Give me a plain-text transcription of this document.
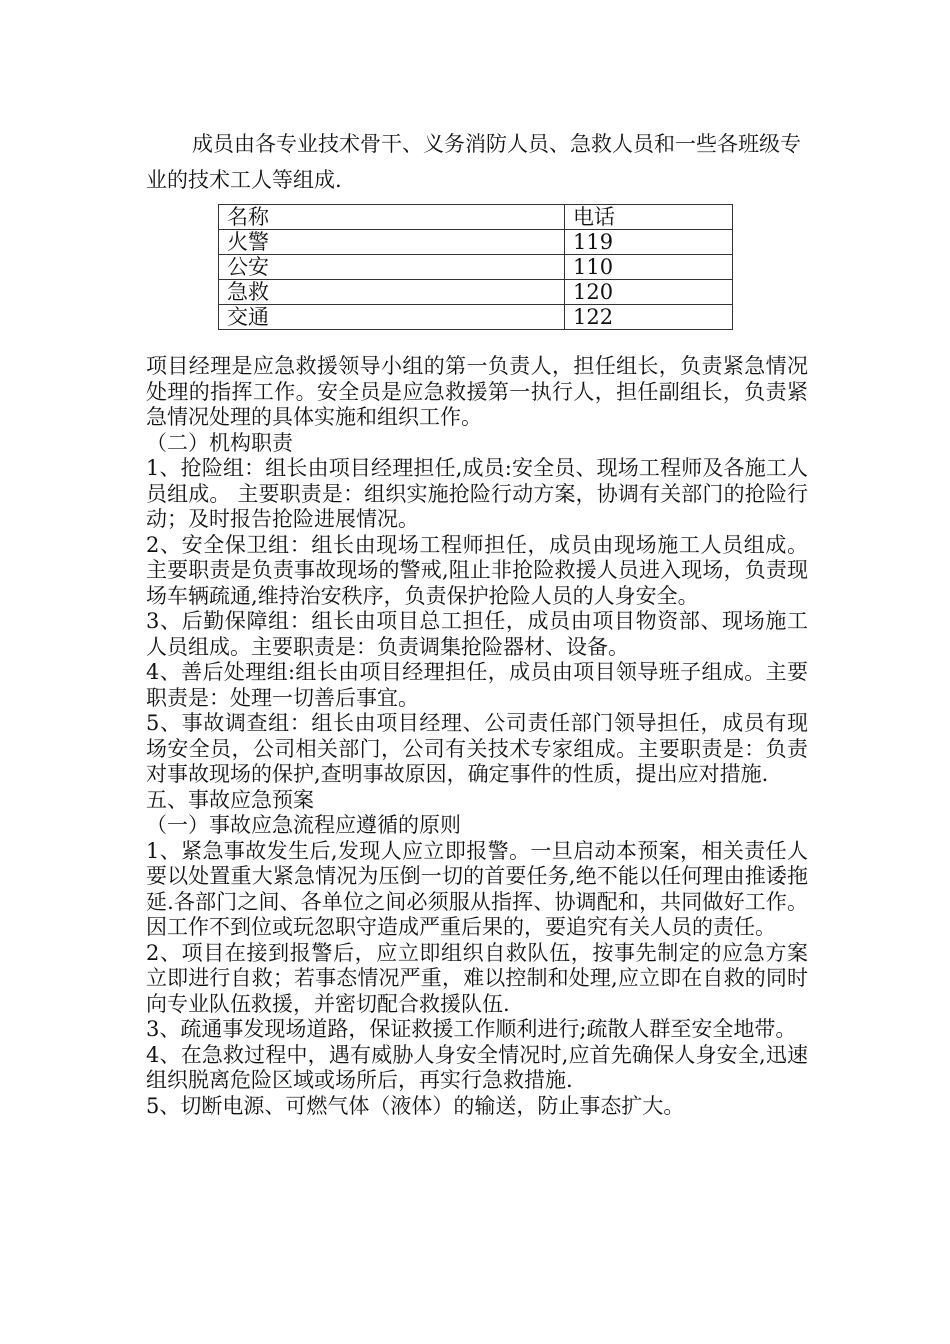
成员由各专业技术骨干、义务消防人员、急救人员和一些各班级专业的技术工人等组成.

名称	电话
火警	119
公安	110
急救	120
交通	122

项目经理是应急救援领导小组的第一负责人，担任组长，负责紧急情况处理的指挥工作。安全员是应急救援第一执行人，担任副组长，负责紧急情况处理的具体实施和组织工作。

（二）机构职责

1、抢险组：组长由项目经理担任,成员:安全员、现场工程师及各施工人员组成。 主要职责是：组织实施抢险行动方案，协调有关部门的抢险行动；及时报告抢险进展情况。

2、安全保卫组：组长由现场工程师担任，成员由现场施工人员组成。主要职责是负责事故现场的警戒,阻止非抢险救援人员进入现场，负责现场车辆疏通,维持治安秩序，负责保护抢险人员的人身安全。

3、后勤保障组：组长由项目总工担任，成员由项目物资部、现场施工人员组成。主要职责是：负责调集抢险器材、设备。

4、善后处理组:组长由项目经理担任，成员由项目领导班子组成。主要职责是：处理一切善后事宜。

5、事故调查组：组长由项目经理、公司责任部门领导担任，成员有现场安全员，公司相关部门，公司有关技术专家组成。主要职责是：负责对事故现场的保护,查明事故原因，确定事件的性质，提出应对措施.

五、事故应急预案

（一）事故应急流程应遵循的原则

1、紧急事故发生后,发现人应立即报警。一旦启动本预案，相关责任人要以处置重大紧急情况为压倒一切的首要任务,绝不能以任何理由推诿拖延.各部门之间、各单位之间必须服从指挥、协调配和，共同做好工作。因工作不到位或玩忽职守造成严重后果的，要追究有关人员的责任。

2、项目在接到报警后，应立即组织自救队伍，按事先制定的应急方案立即进行自救；若事态情况严重，难以控制和处理,应立即在自救的同时向专业队伍救援，并密切配合救援队伍.

3、疏通事发现场道路，保证救援工作顺利进行;疏散人群至安全地带。

4、在急救过程中，遇有威胁人身安全情况时,应首先确保人身安全,迅速组织脱离危险区域或场所后，再实行急救措施.

5、切断电源、可燃气体（液体）的输送，防止事态扩大。
